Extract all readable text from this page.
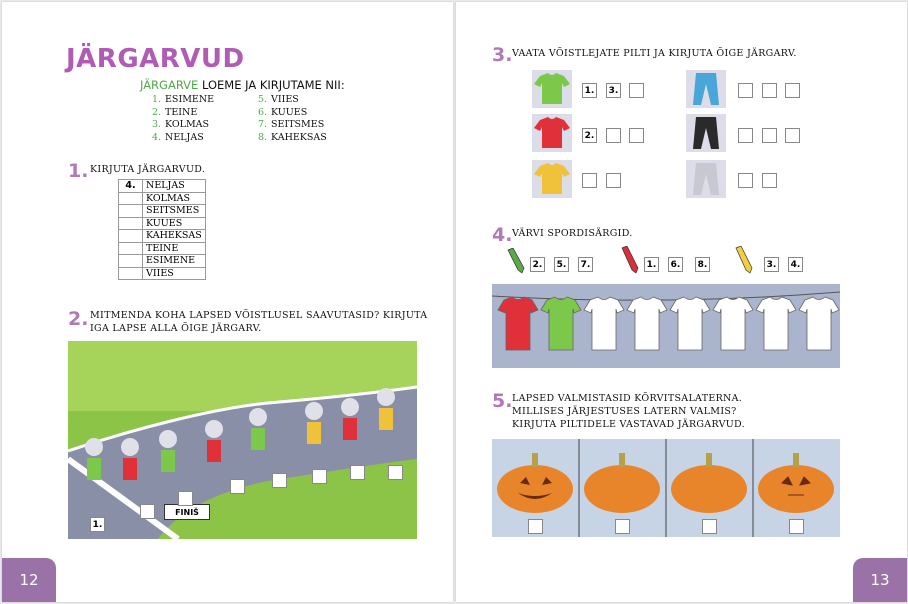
JÄRGARVUD
JÄRGARVE LOEME JA KIRJUTAME NII:
1. ESIMENE
2. TEINE
3. KOLMAS
4. NELJAS
5. VIIES
6. KUUES
7. SEITSMES
8. KAHEKSAS
1. KIRJUTA JÄRGARVUD.
4.	NELJAS
	KOLMAS
	SEITSMES
	KUUES
	KAHEKSAS
	TEINE
	ESIMENE
	VIIES
2. MITMENDA KOHA LAPSED VÕISTLUSEL SAAVUTASID? KIRJUTA
IGA LAPSE ALLA ÕIGE JÄRGARV.
FINIŠ
1.
12
3. VAATA VÕISTLEJATE PILTI JA KIRJUTA ÕIGE JÄRGARV.
1. 3.
2.
4. VÄRVI SPORDISÄRGID.
2. 5. 7.	1. 6. 8.	3. 4.
5. LAPSED VALMISTASID KÕRVITSALATERNA.
MILLISES JÄRJESTUSES LATERN VALMIS?
KIRJUTA PILTIDELE VASTAVAD JÄRGARVUD.
13
